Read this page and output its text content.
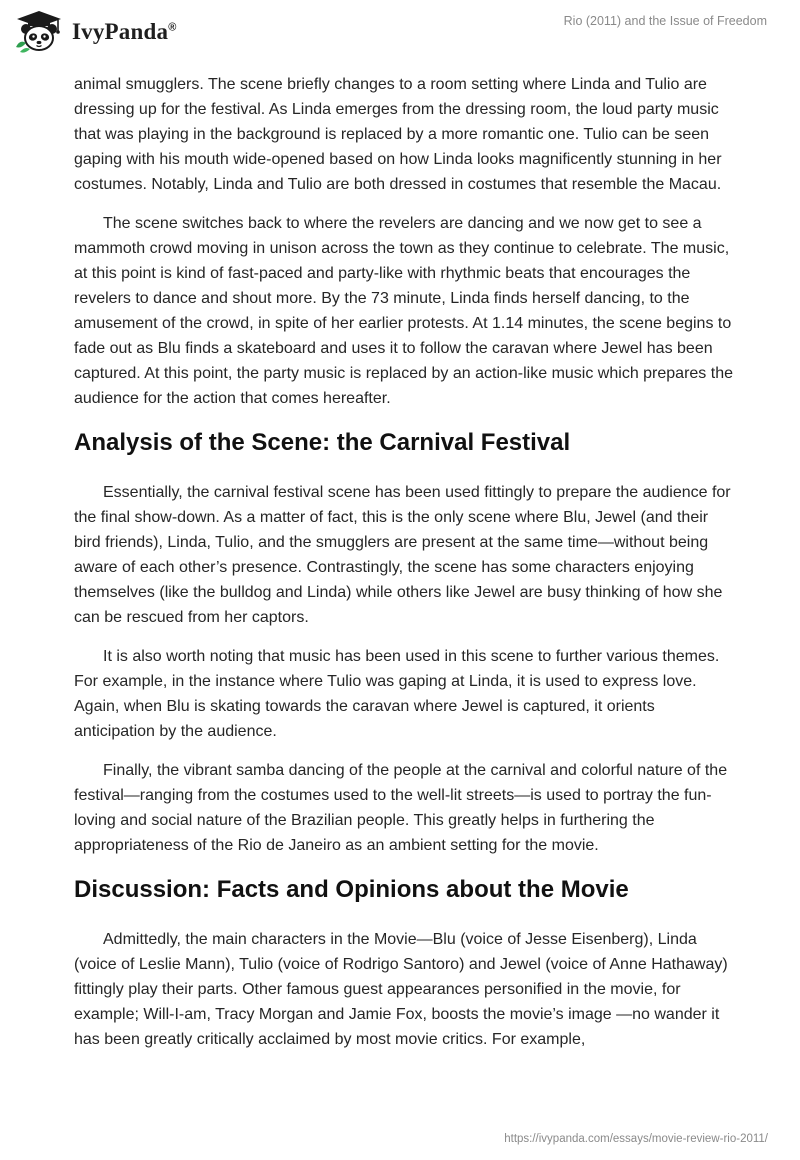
IvyPanda®	Rio (2011) and the Issue of Freedom

animal smugglers. The scene briefly changes to a room setting where Linda and Tulio are dressing up for the festival. As Linda emerges from the dressing room, the loud party music that was playing in the background is replaced by a more romantic one. Tulio can be seen gaping with his mouth wide-opened based on how Linda looks magnificently stunning in her costumes. Notably, Linda and Tulio are both dressed in costumes that resemble the Macau.

The scene switches back to where the revelers are dancing and we now get to see a mammoth crowd moving in unison across the town as they continue to celebrate. The music, at this point is kind of fast-paced and party-like with rhythmic beats that encourages the revelers to dance and shout more. By the 73 minute, Linda finds herself dancing, to the amusement of the crowd, in spite of her earlier protests. At 1.14 minutes, the scene begins to fade out as Blu finds a skateboard and uses it to follow the caravan where Jewel has been captured. At this point, the party music is replaced by an action-like music which prepares the audience for the action that comes hereafter.

Analysis of the Scene: the Carnival Festival

Essentially, the carnival festival scene has been used fittingly to prepare the audience for the final show-down. As a matter of fact, this is the only scene where Blu, Jewel (and their bird friends), Linda, Tulio, and the smugglers are present at the same time—without being aware of each other’s presence. Contrastingly, the scene has some characters enjoying themselves (like the bulldog and Linda) while others like Jewel are busy thinking of how she can be rescued from her captors.

It is also worth noting that music has been used in this scene to further various themes. For example, in the instance where Tulio was gaping at Linda, it is used to express love. Again, when Blu is skating towards the caravan where Jewel is captured, it orients anticipation by the audience.

Finally, the vibrant samba dancing of the people at the carnival and colorful nature of the festival—ranging from the costumes used to the well-lit streets—is used to portray the fun-loving and social nature of the Brazilian people. This greatly helps in furthering the appropriateness of the Rio de Janeiro as an ambient setting for the movie.

Discussion: Facts and Opinions about the Movie

Admittedly, the main characters in the Movie—Blu (voice of Jesse Eisenberg), Linda (voice of Leslie Mann), Tulio (voice of Rodrigo Santoro) and Jewel (voice of Anne Hathaway) fittingly play their parts. Other famous guest appearances personified in the movie, for example; Will-I-am, Tracy Morgan and Jamie Fox, boosts the movie’s image —no wander it has been greatly critically acclaimed by most movie critics. For example,

https://ivypanda.com/essays/movie-review-rio-2011/
